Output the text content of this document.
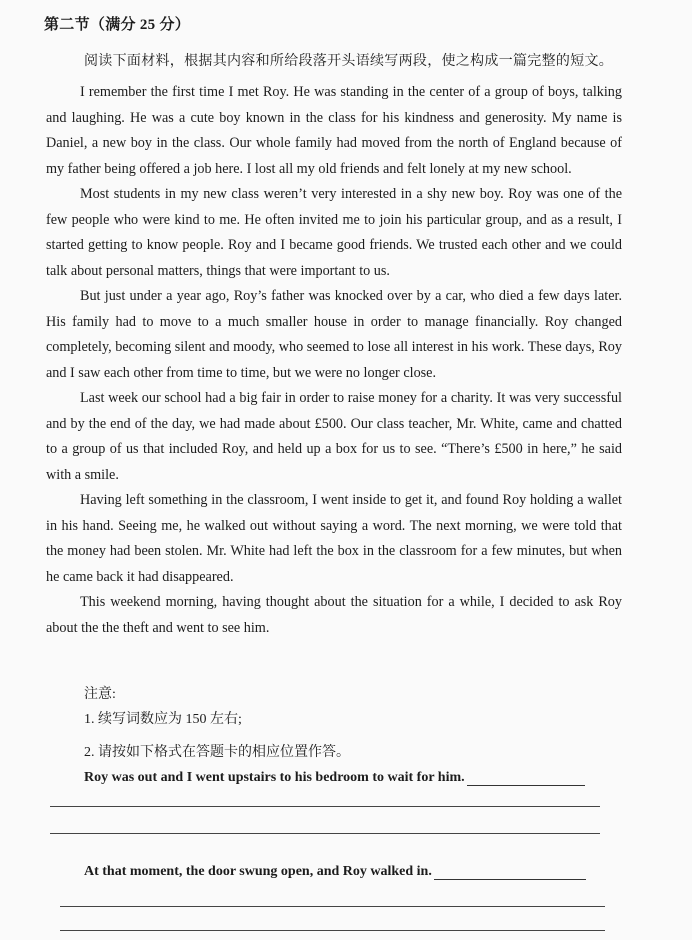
第二节（满分 25 分）
阅读下面材料，根据其内容和所给段落开头语续写两段，使之构成一篇完整的短文。

I remember the first time I met Roy. He was standing in the center of a group of boys, talking and laughing. He was a cute boy known in the class for his kindness and generosity. My name is Daniel, a new boy in the class. Our whole family had moved from the north of England because of my father being offered a job here. I lost all my old friends and felt lonely at my new school.

Most students in my new class weren’t very interested in a shy new boy. Roy was one of the few people who were kind to me. He often invited me to join his particular group, and as a result, I started getting to know people. Roy and I became good friends. We trusted each other and we could talk about personal matters, things that were important to us.

But just under a year ago, Roy’s father was knocked over by a car, who died a few days later. His family had to move to a much smaller house in order to manage financially. Roy changed completely, becoming silent and moody, who seemed to lose all interest in his work. These days, Roy and I saw each other from time to time, but we were no longer close.

Last week our school had a big fair in order to raise money for a charity. It was very successful and by the end of the day, we had made about £500. Our class teacher, Mr. White, came and chatted to a group of us that included Roy, and held up a box for us to see. “There’s £500 in here,” he said with a smile.

Having left something in the classroom, I went inside to get it, and found Roy holding a wallet in his hand. Seeing me, he walked out without saying a word. The next morning, we were told that the money had been stolen. Mr. White had left the box in the classroom for a few minutes, but when he came back it had disappeared.

This weekend morning, having thought about the situation for a while, I decided to ask Roy about the the theft and went to see him.

注意:
1. 续写词数应为 150 左右;
2. 请按如下格式在答题卡的相应位置作答。
Roy was out and I went upstairs to his bedroom to wait for him.
At that moment, the door swung open, and Roy walked in.
